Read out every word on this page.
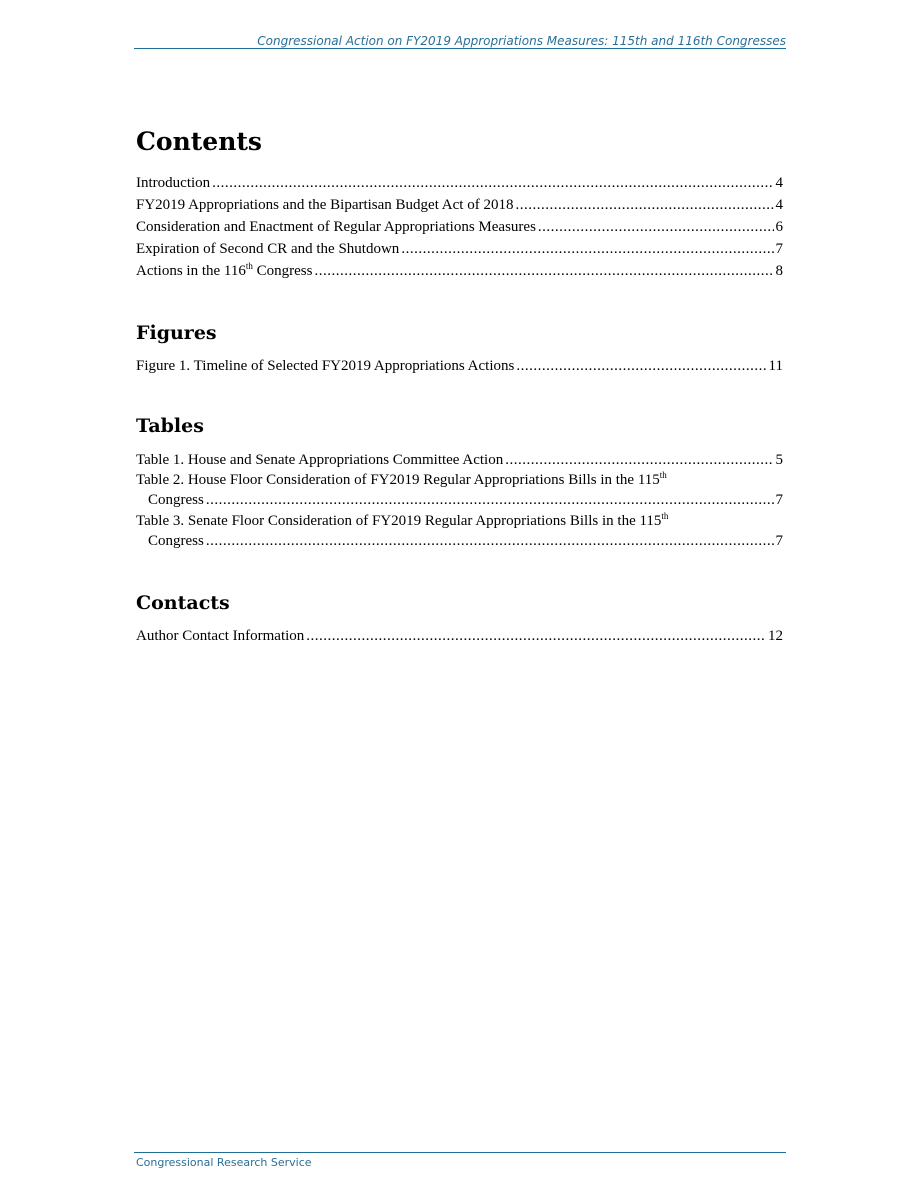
Congressional Action on FY2019 Appropriations Measures: 115th and 116th Congresses
Contents
Introduction .....	4
FY2019 Appropriations and the Bipartisan Budget Act of 2018 .....	4
Consideration and Enactment of Regular Appropriations Measures .....	6
Expiration of Second CR and the Shutdown .....	7
Actions in the 116th Congress .....	8
Figures
Figure 1. Timeline of Selected FY2019 Appropriations Actions .....	11
Tables
Table 1. House and Senate Appropriations Committee Action .....	5
Table 2. House Floor Consideration of FY2019 Regular Appropriations Bills in the 115th
Congress .....	7
Table 3. Senate Floor Consideration of FY2019 Regular Appropriations Bills in the 115th
Congress .....	7
Contacts
Author Contact Information .....	12
Congressional Research Service
